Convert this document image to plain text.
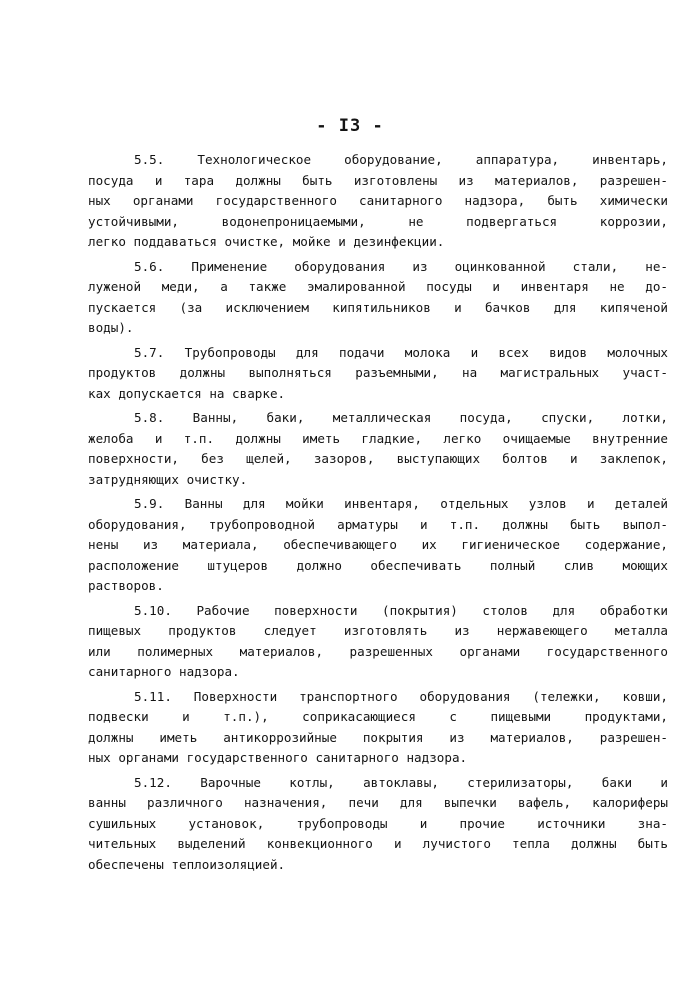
- I3 -
5.5. Технологическое оборудование, аппаратура, инвентарь,
посуда и тара должны быть изготовлены из материалов, разрешен-
ных органами государственного санитарного надзора, быть химически
устойчивыми, водонепроницаемыми, не подвергаться коррозии,
легко поддаваться очистке, мойке и дезинфекции.
5.6. Применение оборудования из оцинкованной стали, не-
луженой меди, а также эмалированной посуды и инвентаря не до-
пускается (за исключением кипятильников и бачков для кипяченой
воды).
5.7. Трубопроводы для подачи молока и всех видов молочных
продуктов должны выполняться разъемными, на магистральных участ-
ках допускается на сварке.
5.8. Ванны, баки, металлическая посуда, спуски, лотки,
желоба и т.п. должны иметь гладкие, легко очищаемые внутренние
поверхности, без щелей, зазоров, выступающих болтов и заклепок,
затрудняющих очистку.
5.9. Ванны для мойки инвентаря, отдельных узлов и деталей
оборудования, трубопроводной арматуры и т.п. должны быть выпол-
нены из материала, обеспечивающего их гигиеническое содержание,
расположение штуцеров должно обеспечивать полный слив моющих
растворов.
5.10. Рабочие поверхности (покрытия) столов для обработки
пищевых продуктов следует изготовлять из нержавеющего металла
или полимерных материалов, разрешенных органами государственного
санитарного надзора.
5.11. Поверхности транспортного оборудования (тележки, ковши,
подвески и т.п.), соприкасающиеся с пищевыми продуктами,
должны иметь антикоррозийные покрытия из материалов, разрешен-
ных органами государственного санитарного надзора.
5.12. Варочные котлы, автоклавы, стерилизаторы, баки и
ванны различного назначения, печи для выпечки вафель, калориферы
сушильных установок, трубопроводы и прочие источники зна-
чительных выделений конвекционного и лучистого тепла должны быть
обеспечены теплоизоляцией.
